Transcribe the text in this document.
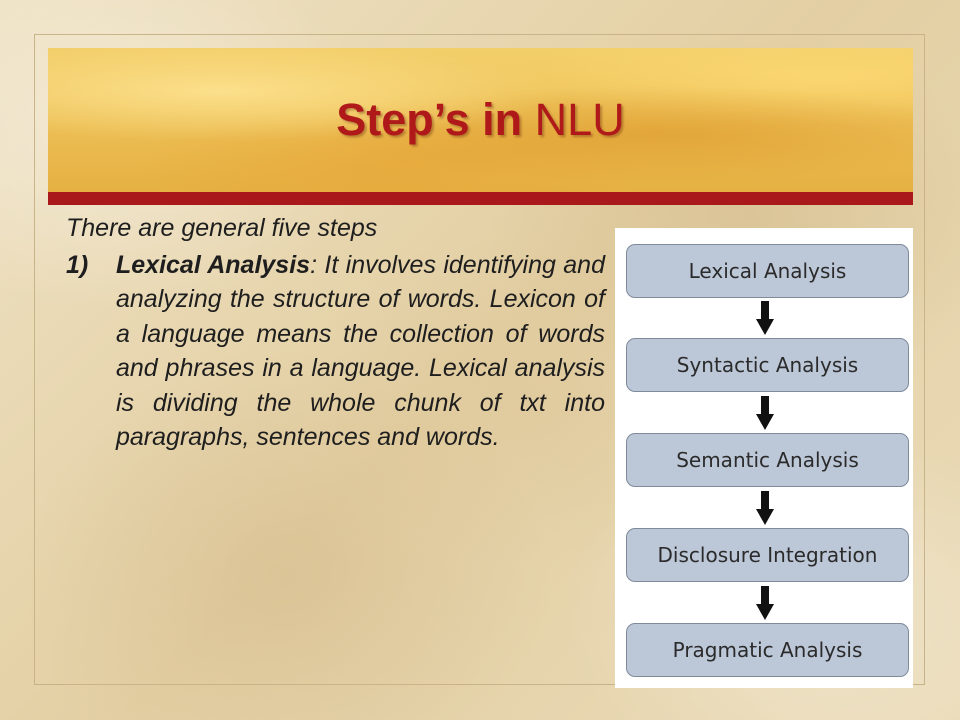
Step’s in NLU
There are general five steps
1) Lexical Analysis: It involves identifying and analyzing the structure of words. Lexicon of a language means the collection of words and phrases in a language. Lexical analysis is dividing the whole chunk of txt into paragraphs, sentences and words.
Lexical Analysis
Syntactic Analysis
Semantic Analysis
Disclosure Integration
Pragmatic Analysis
